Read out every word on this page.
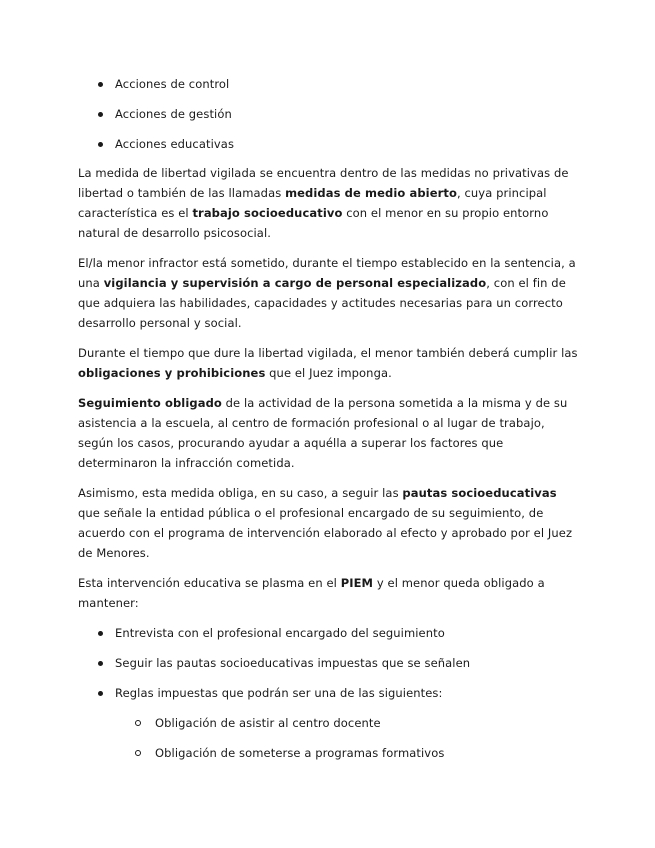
Acciones de control
Acciones de gestión
Acciones educativas

La medida de libertad vigilada se encuentra dentro de las medidas no privativas de libertad o también de las llamadas medidas de medio abierto, cuya principal característica es el trabajo socioeducativo con el menor en su propio entorno natural de desarrollo psicosocial.

El/la menor infractor está sometido, durante el tiempo establecido en la sentencia, a una vigilancia y supervisión a cargo de personal especializado, con el fin de que adquiera las habilidades, capacidades y actitudes necesarias para un correcto desarrollo personal y social.

Durante el tiempo que dure la libertad vigilada, el menor también deberá cumplir las obligaciones y prohibiciones que el Juez imponga.

Seguimiento obligado de la actividad de la persona sometida a la misma y de su asistencia a la escuela, al centro de formación profesional o al lugar de trabajo, según los casos, procurando ayudar a aquélla a superar los factores que determinaron la infracción cometida.

Asimismo, esta medida obliga, en su caso, a seguir las pautas socioeducativas que señale la entidad pública o el profesional encargado de su seguimiento, de acuerdo con el programa de intervención elaborado al efecto y aprobado por el Juez de Menores.

Esta intervención educativa se plasma en el PIEM y el menor queda obligado a mantener:

Entrevista con el profesional encargado del seguimiento
Seguir las pautas socioeducativas impuestas que se señalen
Reglas impuestas que podrán ser una de las siguientes:
Obligación de asistir al centro docente
Obligación de someterse a programas formativos
